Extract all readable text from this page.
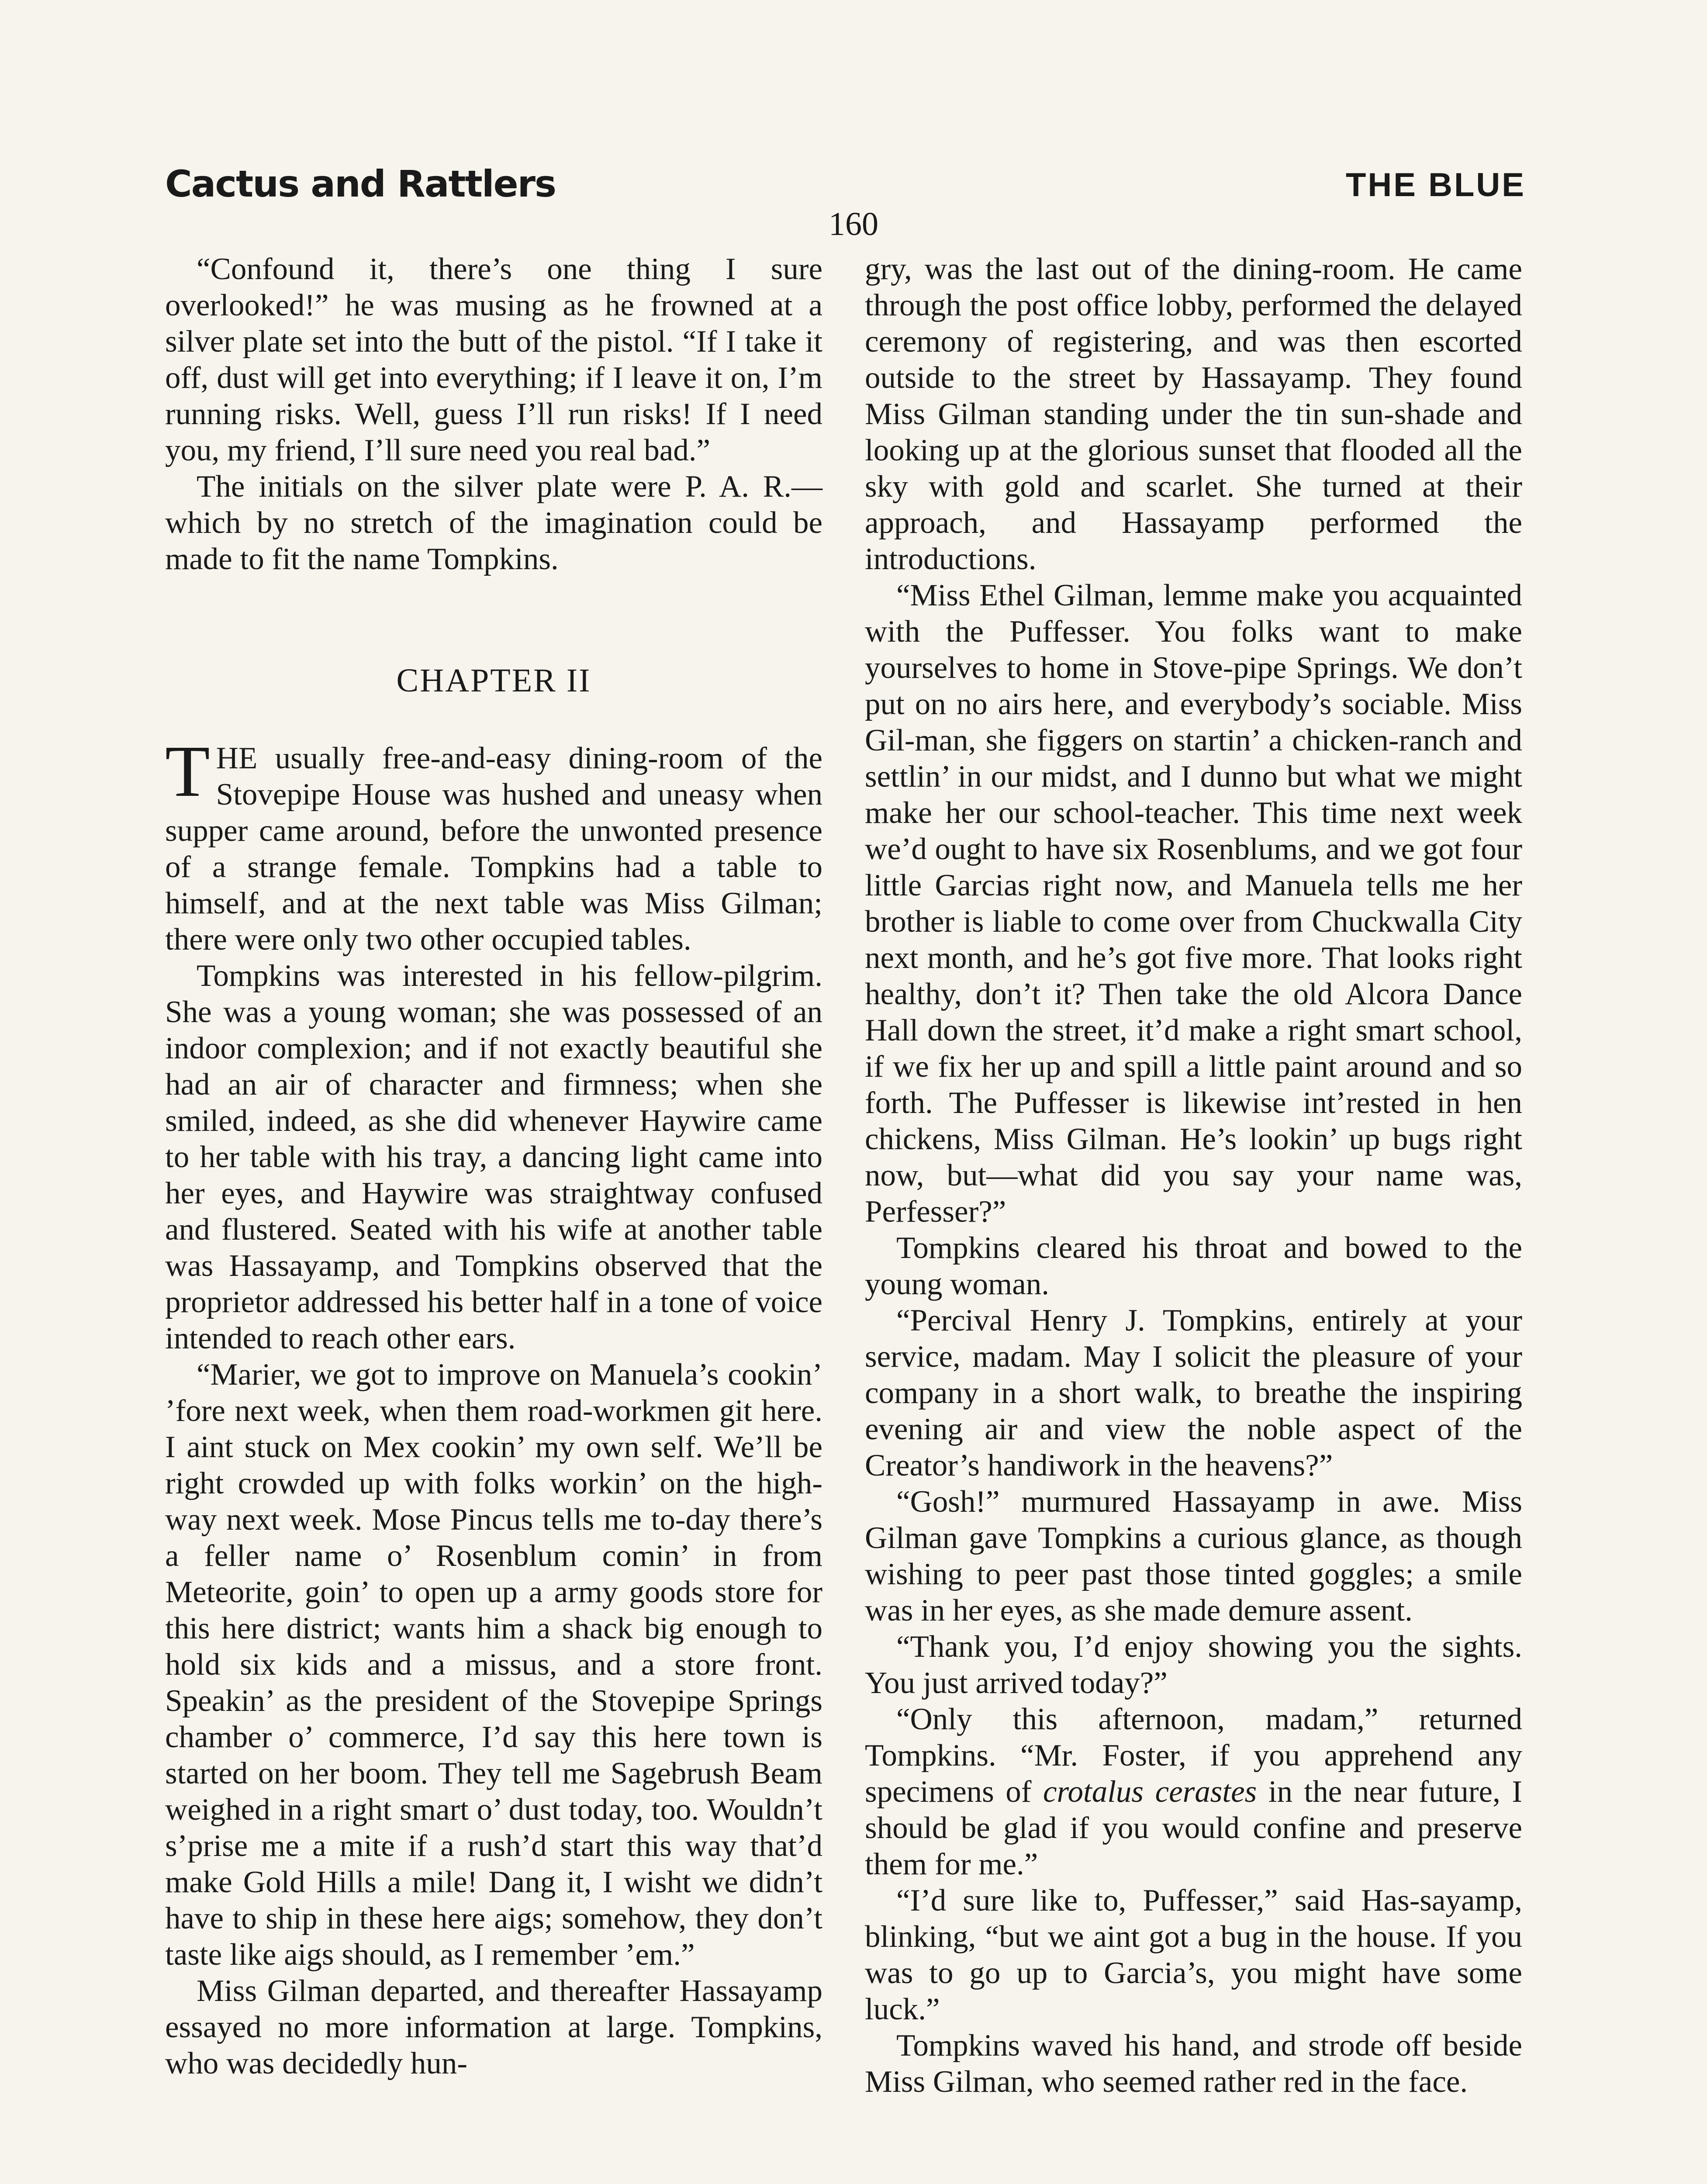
Cactus and Rattlers	THE BLUE
160

“Confound it, there’s one thing I sure overlooked!” he was musing as he frowned at a silver plate set into the butt of the pistol. “If I take it off, dust will get into everything; if I leave it on, I’m running risks. Well, guess I’ll run risks! If I need you, my friend, I’ll sure need you real bad.”

The initials on the silver plate were P. A. R.—which by no stretch of the imagination could be made to fit the name Tompkins.

CHAPTER II

THE usually free-and-easy dining-room of the Stovepipe House was hushed and uneasy when supper came around, before the unwonted presence of a strange female. Tompkins had a table to himself, and at the next table was Miss Gilman; there were only two other occupied tables.

Tompkins was interested in his fellow-pilgrim. She was a young woman; she was possessed of an indoor complexion; and if not exactly beautiful she had an air of character and firmness; when she smiled, indeed, as she did whenever Haywire came to her table with his tray, a dancing light came into her eyes, and Haywire was straightway confused and flustered. Seated with his wife at another table was Hassayamp, and Tompkins observed that the proprietor addressed his better half in a tone of voice intended to reach other ears.

“Marier, we got to improve on Manuela’s cookin’ ’fore next week, when them road-workmen git here. I aint stuck on Mex cookin’ my own self. We’ll be right crowded up with folks workin’ on the high-way next week. Mose Pincus tells me to-day there’s a feller name o’ Rosenblum comin’ in from Meteorite, goin’ to open up a army goods store for this here district; wants him a shack big enough to hold six kids and a missus, and a store front. Speakin’ as the president of the Stovepipe Springs chamber o’ commerce, I’d say this here town is started on her boom. They tell me Sagebrush Beam weighed in a right smart o’ dust today, too. Wouldn’t s’prise me a mite if a rush’d start this way that’d make Gold Hills a mile! Dang it, I wisht we didn’t have to ship in these here aigs; somehow, they don’t taste like aigs should, as I remember ’em.”

Miss Gilman departed, and thereafter Hassayamp essayed no more information at large. Tompkins, who was decidedly hun-

gry, was the last out of the dining-room. He came through the post office lobby, performed the delayed ceremony of registering, and was then escorted outside to the street by Hassayamp. They found Miss Gilman standing under the tin sun-shade and looking up at the glorious sunset that flooded all the sky with gold and scarlet. She turned at their approach, and Hassayamp performed the introductions.

“Miss Ethel Gilman, lemme make you acquainted with the Puffesser. You folks want to make yourselves to home in Stove-pipe Springs. We don’t put on no airs here, and everybody’s sociable. Miss Gil-man, she figgers on startin’ a chicken-ranch and settlin’ in our midst, and I dunno but what we might make her our school-teacher. This time next week we’d ought to have six Rosenblums, and we got four little Garcias right now, and Manuela tells me her brother is liable to come over from Chuckwalla City next month, and he’s got five more. That looks right healthy, don’t it? Then take the old Alcora Dance Hall down the street, it’d make a right smart school, if we fix her up and spill a little paint around and so forth. The Puffesser is likewise int’rested in hen chickens, Miss Gilman. He’s lookin’ up bugs right now, but—what did you say your name was, Perfesser?”

Tompkins cleared his throat and bowed to the young woman.

“Percival Henry J. Tompkins, entirely at your service, madam. May I solicit the pleasure of your company in a short walk, to breathe the inspiring evening air and view the noble aspect of the Creator’s handiwork in the heavens?”

“Gosh!” murmured Hassayamp in awe. Miss Gilman gave Tompkins a curious glance, as though wishing to peer past those tinted goggles; a smile was in her eyes, as she made demure assent.

“Thank you, I’d enjoy showing you the sights. You just arrived today?”

“Only this afternoon, madam,” returned Tompkins. “Mr. Foster, if you apprehend any specimens of crotalus cerastes in the near future, I should be glad if you would confine and preserve them for me.”

“I’d sure like to, Puffesser,” said Has-sayamp, blinking, “but we aint got a bug in the house. If you was to go up to Garcia’s, you might have some luck.”

Tompkins waved his hand, and strode off beside Miss Gilman, who seemed rather red in the face.
